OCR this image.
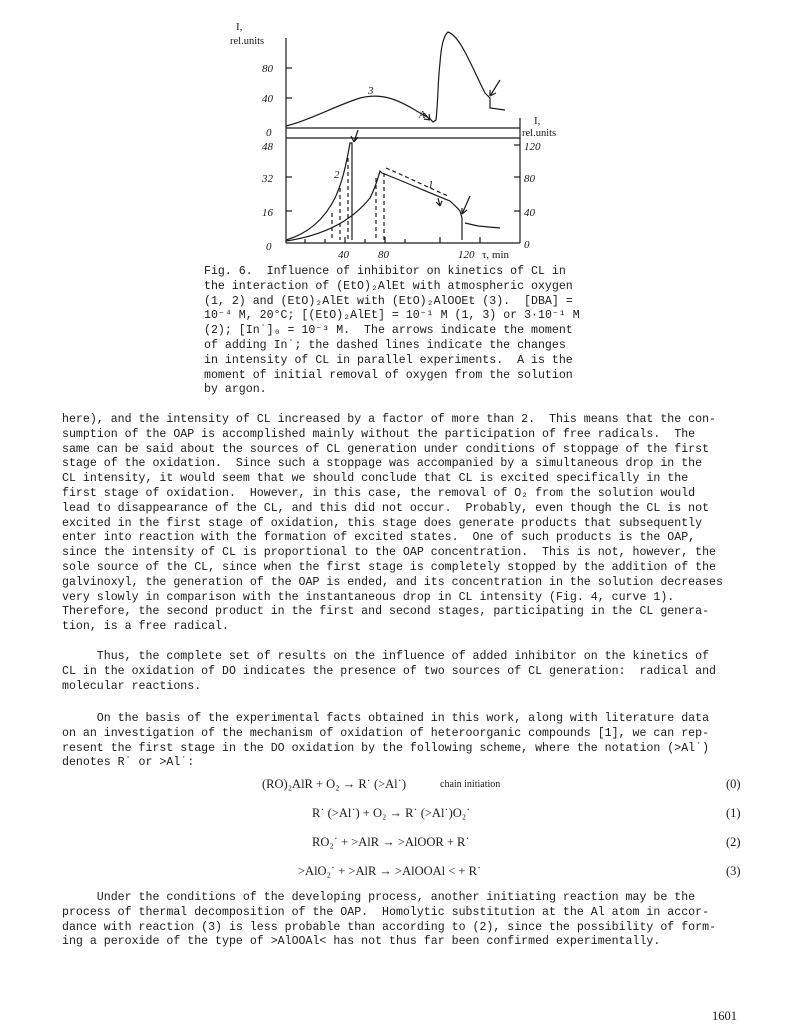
I,
rel.units
80
40
0
48
32
16
0
I,
rel.units
120
80
40
0
40	80	120 τ, min
3
A
2
1
Fig. 6.  Influence of inhibitor on kinetics of CL in
the interaction of (EtO)₂AlEt with atmospheric oxygen
(1, 2) and (EtO)₂AlEt with (EtO)₂AlOOEt (3).  [DBA] =
10⁻⁴ M, 20°C; [(EtO)₂AlEt] = 10⁻¹ M (1, 3) or 3·10⁻¹ M
(2); [In˙]₀ = 10⁻³ M.  The arrows indicate the moment
of adding In˙; the dashed lines indicate the changes
in intensity of CL in parallel experiments.  A is the
moment of initial removal of oxygen from the solution
by argon.
here), and the intensity of CL increased by a factor of more than 2.  This means that the con-
sumption of the OAP is accomplished mainly without the participation of free radicals.  The
same can be said about the sources of CL generation under conditions of stoppage of the first
stage of the oxidation.  Since such a stoppage was accompanied by a simultaneous drop in the
CL intensity, it would seem that we should conclude that CL is excited specifically in the
first stage of oxidation.  However, in this case, the removal of O₂ from the solution would
lead to disappearance of the CL, and this did not occur.  Probably, even though the CL is not
excited in the first stage of oxidation, this stage does generate products that subsequently
enter into reaction with the formation of excited states.  One of such products is the OAP,
since the intensity of CL is proportional to the OAP concentration.  This is not, however, the
sole source of the CL, since when the first stage is completely stopped by the addition of the
galvinoxyl, the generation of the OAP is ended, and its concentration in the solution decreases
very slowly in comparison with the instantaneous drop in CL intensity (Fig. 4, curve 1).
Therefore, the second product in the first and second stages, participating in the CL genera-
tion, is a free radical.
Thus, the complete set of results on the influence of added inhibitor on the kinetics of
CL in the oxidation of DO indicates the presence of two sources of CL generation:  radical and
molecular reactions.
On the basis of the experimental facts obtained in this work, along with literature data
on an investigation of the mechanism of oxidation of heteroorganic compounds [1], we can rep-
resent the first stage in the DO oxidation by the following scheme, where the notation (>Al˙)
denotes R˙ or >Al˙:
(RO)₂AlR + O₂ → R˙ (>Al˙)	chain initiation	(0)
R˙ (>Al˙) + O₂ → R˙ (>Al˙)O₂˙	(1)
RO₂˙ + >AlR → >AlOOR + R˙	(2)
>AlO₂˙ + >AlR → >AlOOAl < + R˙	(3)
Under the conditions of the developing process, another initiating reaction may be the
process of thermal decomposition of the OAP.  Homolytic substitution at the Al atom in accor-
dance with reaction (3) is less probable than according to (2), since the possibility of form-
ing a peroxide of the type of >AlOOAl< has not thus far been confirmed experimentally.
1601
